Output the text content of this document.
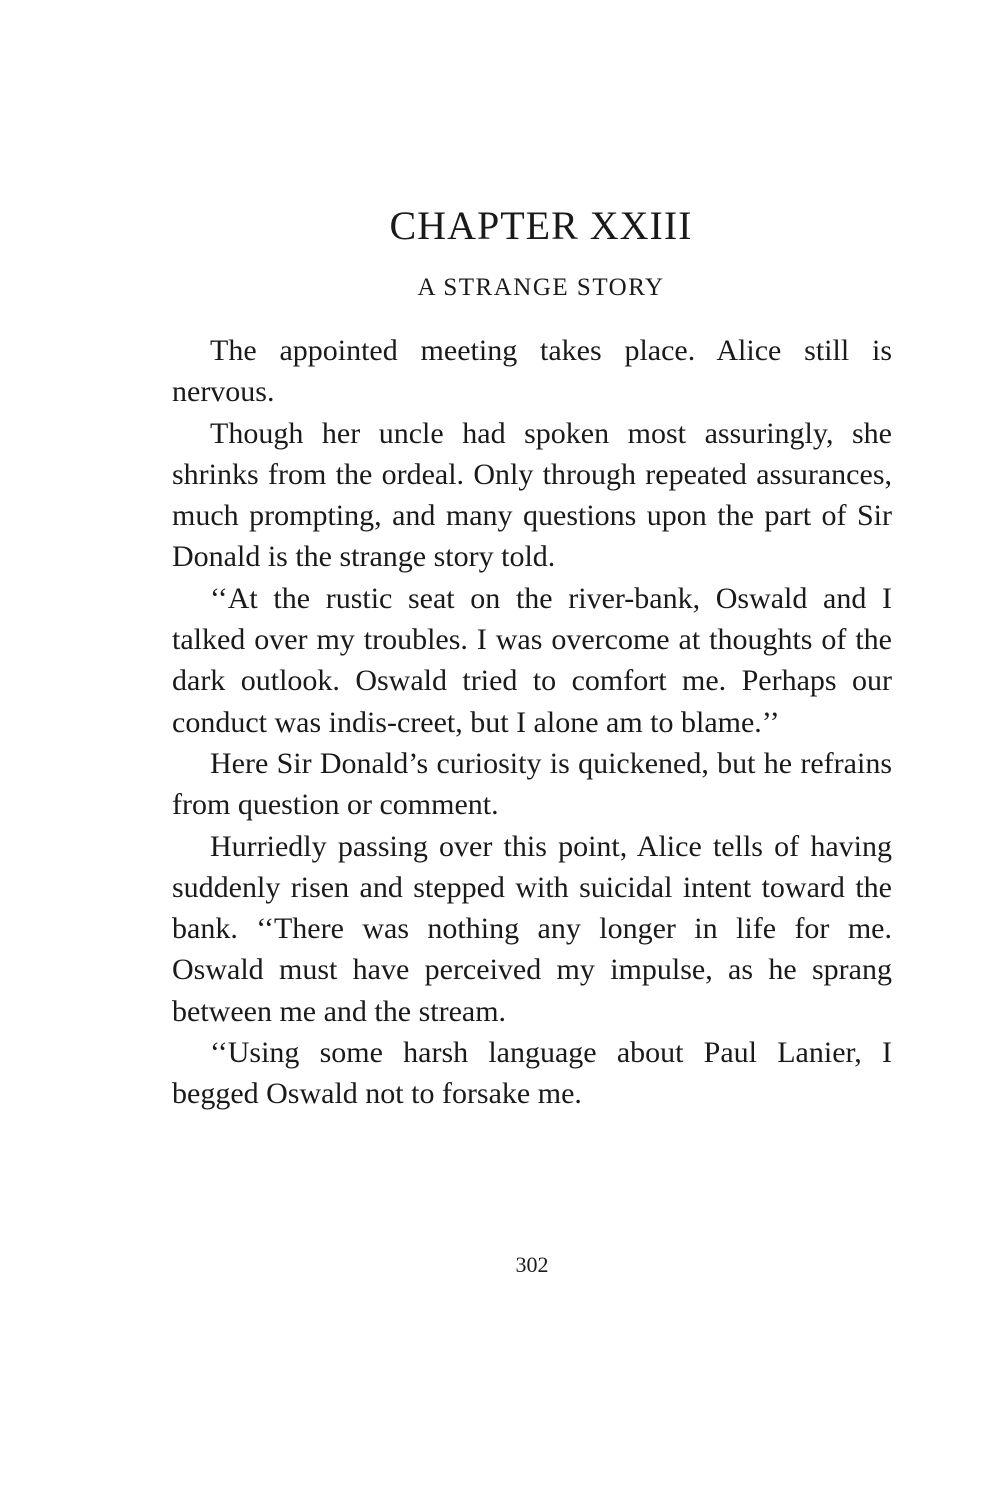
CHAPTER XXIII
A STRANGE STORY

The appointed meeting takes place. Alice still is nervous.

Though her uncle had spoken most assuringly, she shrinks from the ordeal. Only through repeated assurances, much prompting, and many questions upon the part of Sir Donald is the strange story told.

‘‘At the rustic seat on the river-bank, Oswald and I talked over my troubles. I was overcome at thoughts of the dark outlook. Oswald tried to comfort me. Perhaps our conduct was indis-creet, but I alone am to blame.’’

Here Sir Donald’s curiosity is quickened, but he refrains from question or comment.

Hurriedly passing over this point, Alice tells of having suddenly risen and stepped with suicidal intent toward the bank. ‘‘There was nothing any longer in life for me. Oswald must have perceived my impulse, as he sprang between me and the stream.

‘‘Using some harsh language about Paul Lanier, I begged Oswald not to forsake me.

302
